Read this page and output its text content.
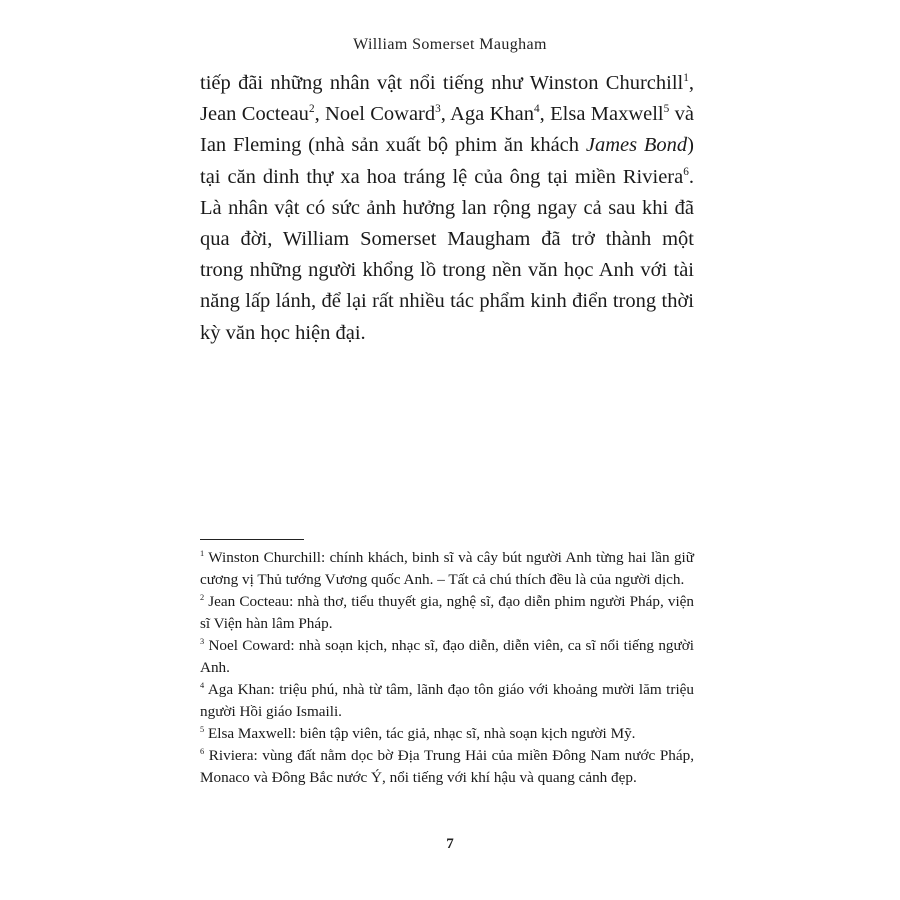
William Somerset Maugham

tiếp đãi những nhân vật nổi tiếng như Winston Churchill$^1$, Jean Cocteau$^2$, Noel Coward$^3$, Aga Khan$^4$, Elsa Maxwell$^5$ và Ian Fleming (nhà sản xuất bộ phim ăn khách James Bond) tại căn dinh thự xa hoa tráng lệ của ông tại miền Riviera$^6$. Là nhân vật có sức ảnh hưởng lan rộng ngay cả sau khi đã qua đời, William Somerset Maugham đã trở thành một trong những người khổng lồ trong nền văn học Anh với tài năng lấp lánh, để lại rất nhiều tác phẩm kinh điển trong thời kỳ văn học hiện đại.

$^1$ Winston Churchill: chính khách, binh sĩ và cây bút người Anh từng hai lần giữ cương vị Thủ tướng Vương quốc Anh. – Tất cả chú thích đều là của người dịch.

$^2$ Jean Cocteau: nhà thơ, tiểu thuyết gia, nghệ sĩ, đạo diễn phim người Pháp, viện sĩ Viện hàn lâm Pháp.

$^3$ Noel Coward: nhà soạn kịch, nhạc sĩ, đạo diễn, diễn viên, ca sĩ nổi tiếng người Anh.

$^4$ Aga Khan: triệu phú, nhà từ tâm, lãnh đạo tôn giáo với khoảng mười lăm triệu người Hồi giáo Ismaili.

$^5$ Elsa Maxwell: biên tập viên, tác giả, nhạc sĩ, nhà soạn kịch người Mỹ.

$^6$ Riviera: vùng đất nằm dọc bờ Địa Trung Hải của miền Đông Nam nước Pháp, Monaco và Đông Bắc nước Ý, nổi tiếng với khí hậu và quang cảnh đẹp.

7
